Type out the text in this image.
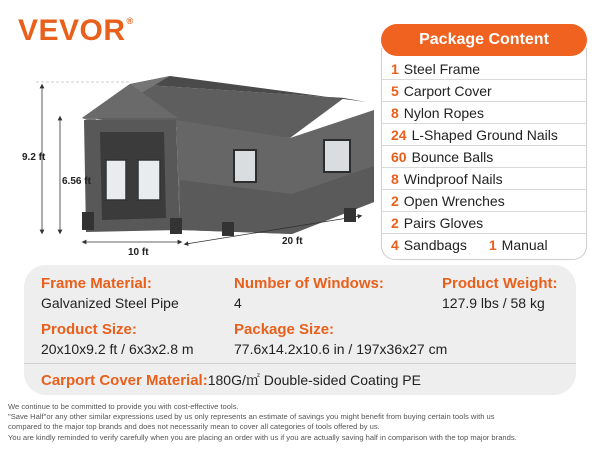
VEVOR®
9.2 ft
6.56 ft
10 ft
20 ft
Package Content
1 Steel Frame
5 Carport Cover
8 Nylon Ropes
24 L-Shaped Ground Nails
60 Bounce Balls
8 Windproof Nails
2 Open Wrenches
2 Pairs Gloves
4 Sandbags 1 Manual
Frame Material:
Galvanized Steel Pipe
Number of Windows:
4
Product Weight:
127.9 lbs / 58 kg
Product Size:
20x10x9.2 ft / 6x3x2.8 m
Package Size:
77.6x14.2x10.6 in / 197x36x27 cm
Carport Cover Material:180G/㎡ Double-sided Coating PE
We continue to be committed to provide you with cost-effective tools.
"Save Half"or any other similar expressions used by us only represents an estimate of savings you might benefit from buying certain tools with us
compared to the major top brands and does not necessarily mean to cover all categories of tools offered by us.
You are kindly reminded to verify carefully when you are placing an order with us if you are actually saving half in comparison with the top major brands.
